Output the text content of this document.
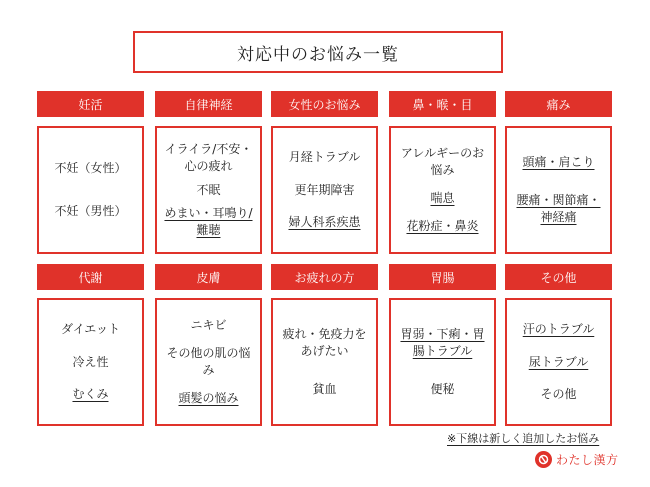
対応中のお悩み一覧
妊活
不妊（女性）
不妊（男性）
自律神経
イライラ/不安・心の疲れ
不眠
めまい・耳鳴り/難聴
女性のお悩み
月経トラブル
更年期障害
婦人科系疾患
鼻・喉・目
アレルギーのお悩み
喘息
花粉症・鼻炎
痛み
頭痛・肩こり
腰痛・関節痛・神経痛
代謝
ダイエット
冷え性
むくみ
皮膚
ニキビ
その他の肌の悩み
頭髪の悩み
お疲れの方
疲れ・免疫力をあげたい
貧血
胃腸
胃弱・下痢・胃腸トラブル
便秘
その他
汗のトラブル
尿トラブル
その他
※下線は新しく追加したお悩み
わたし漢方
